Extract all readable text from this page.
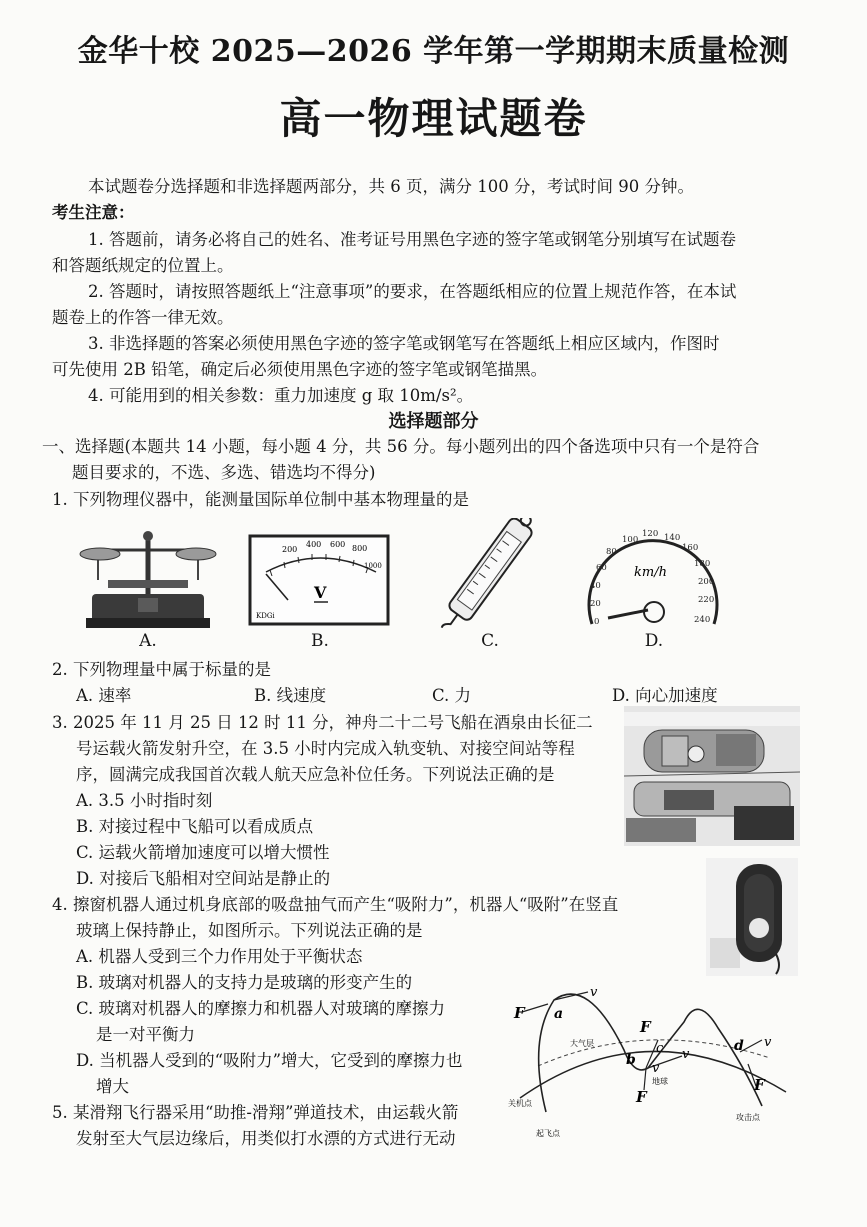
金华十校 2025—2026 学年第一学期期末质量检测
高一物理试题卷
本试题卷分选择题和非选择题两部分，共 6 页，满分 100 分，考试时间 90 分钟。
考生注意：
1. 答题前，请务必将自己的姓名、准考证号用黑色字迹的签字笔或钢笔分别填写在试题卷
和答题纸规定的位置上。
2. 答题时，请按照答题纸上“注意事项”的要求，在答题纸相应的位置上规范作答，在本试
题卷上的作答一律无效。
3. 非选择题的答案必须使用黑色字迹的签字笔或钢笔写在答题纸上相应区域内，作图时
可先使用 2B 铅笔，确定后必须使用黑色字迹的签字笔或钢笔描黑。
4. 可能用到的相关参数：重力加速度 g 取 10m/s²。
选择题部分
一、选择题(本题共 14 小题，每小题 4 分，共 56 分。每小题列出的四个备选项中只有一个是符合
题目要求的，不选、多选、错选均不得分)
1. 下列物理仪器中，能测量国际单位制中基本物理量的是
A.
200
400 600 800
1000
V
KDGi
B.	C.
0
20
40
60
80
100
120 140
160
180
200
220
240
km/h
D.
2. 下列物理量中属于标量的是
A. 速率	B. 线速度	C. 力	D. 向心加速度
3. 2025 年 11 月 25 日 12 时 11 分，神舟二十二号飞船在酒泉由长征二
号运载火箭发射升空，在 3.5 小时内完成入轨变轨、对接空间站等程
序，圆满完成我国首次载人航天应急补位任务。下列说法正确的是
A. 3.5 小时指时刻
B. 对接过程中飞船可以看成质点
C. 运载火箭增加速度可以增大惯性
D. 对接后飞船相对空间站是静止的
4. 擦窗机器人通过机身底部的吸盘抽气而产生“吸附力”，机器人“吸附”在竖直
玻璃上保持静止，如图所示。下列说法正确的是
A. 机器人受到三个力作用处于平衡状态
B. 玻璃对机器人的支持力是玻璃的形变产生的
C. 玻璃对机器人的摩擦力和机器人对玻璃的摩擦力
是一对平衡力
D. 当机器人受到的“吸附力”增大，它受到的摩擦力也
增大
5. 某滑翔飞行器采用“助推-滑翔”弹道技术，由运载火箭
发射至大气层边缘后，用类似打水漂的方式进行无动
F
v
a
b
F
c v
v
F
d v
F
大气层
地球
关机点
起飞点
攻击点
